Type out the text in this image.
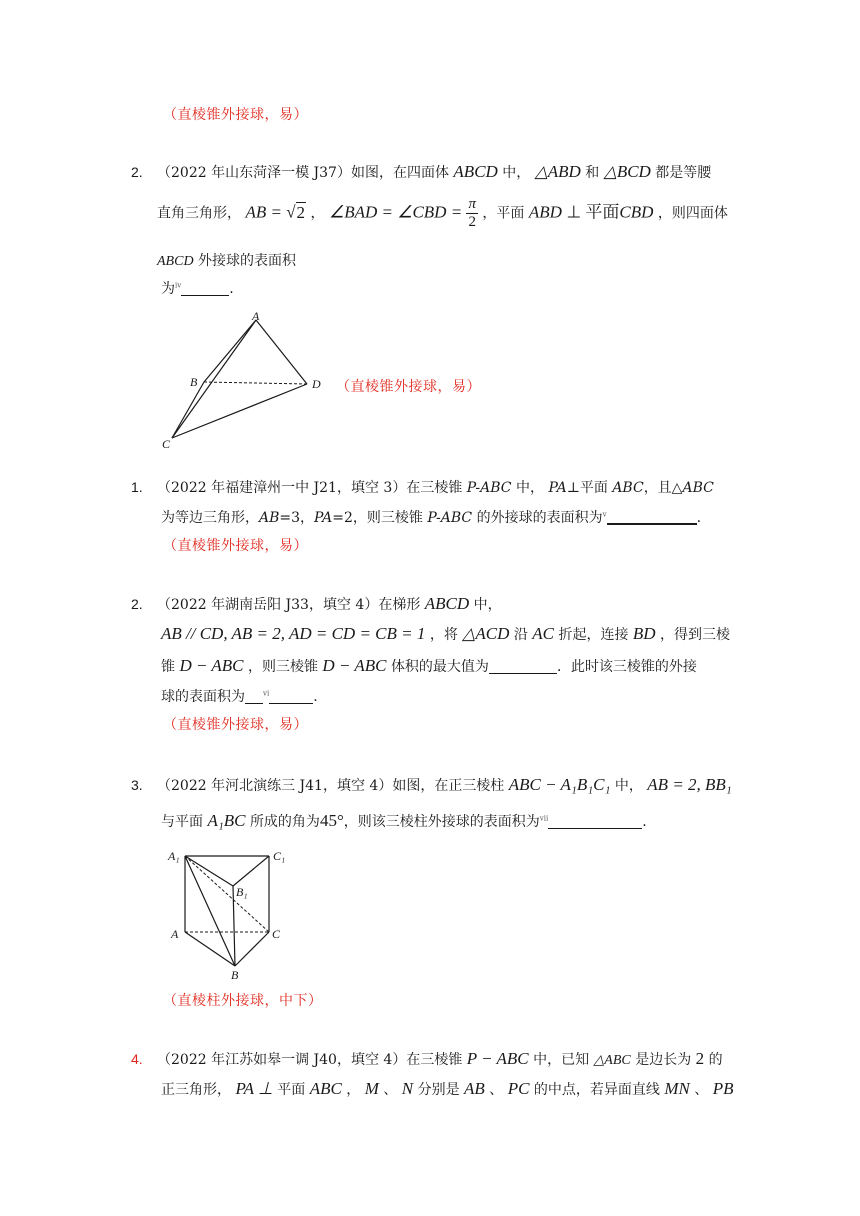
（直棱锥外接球，易）
2. （2022 年山东菏泽一模 J37）如图，在四面体 ABCD 中， △ABD 和 △BCD 都是等腰
直角三角形， AB = √2 ， ∠BAD = ∠CBD = $\frac{\pi}{2}$ ，平面 ABD ⊥ 平面CBD ，则四面体
ABCD 外接球的表面积
为$^{iv}$	.
A
B	D
C
（直棱锥外接球，易）
1. （2022 年福建漳州一中 J21，填空 3）在三棱锥 P-ABC 中， PA⊥平面 ABC，且△ABC
为等边三角形，AB=3，PA=2，则三棱锥 P-ABC 的外接球的表面积为$^v$	.
（直棱锥外接球，易）
2. （2022 年湖南岳阳 J33，填空 4）在梯形 ABCD 中，
AB // CD, AB = 2, AD = CD = CB = 1 ，将 △ACD 沿 AC 折起，连接 BD ，得到三棱
锥 D − ABC ，则三棱锥 D − ABC 体积的最大值为	．此时该三棱锥的外接
球的表面积为	$^{vi}$	.
（直棱锥外接球，易）
3. （2022 年河北演练三 J41，填空 4）如图，在正三棱柱 ABC − A₁B₁C₁ 中， AB = 2, BB₁
与平面 A₁BC 所成的角为45°，则该三棱柱外接球的表面积为$^{vii}$	.
A₁	C₁
B₁
A	C
B
（直棱柱外接球，中下）
4. （2022 年江苏如皋一调 J40，填空 4）在三棱锥 P − ABC 中，已知 △ABC 是边长为 2 的
正三角形， PA ⊥ 平面 ABC ， M 、 N 分别是 AB 、 PC 的中点，若异面直线 MN 、 PB
